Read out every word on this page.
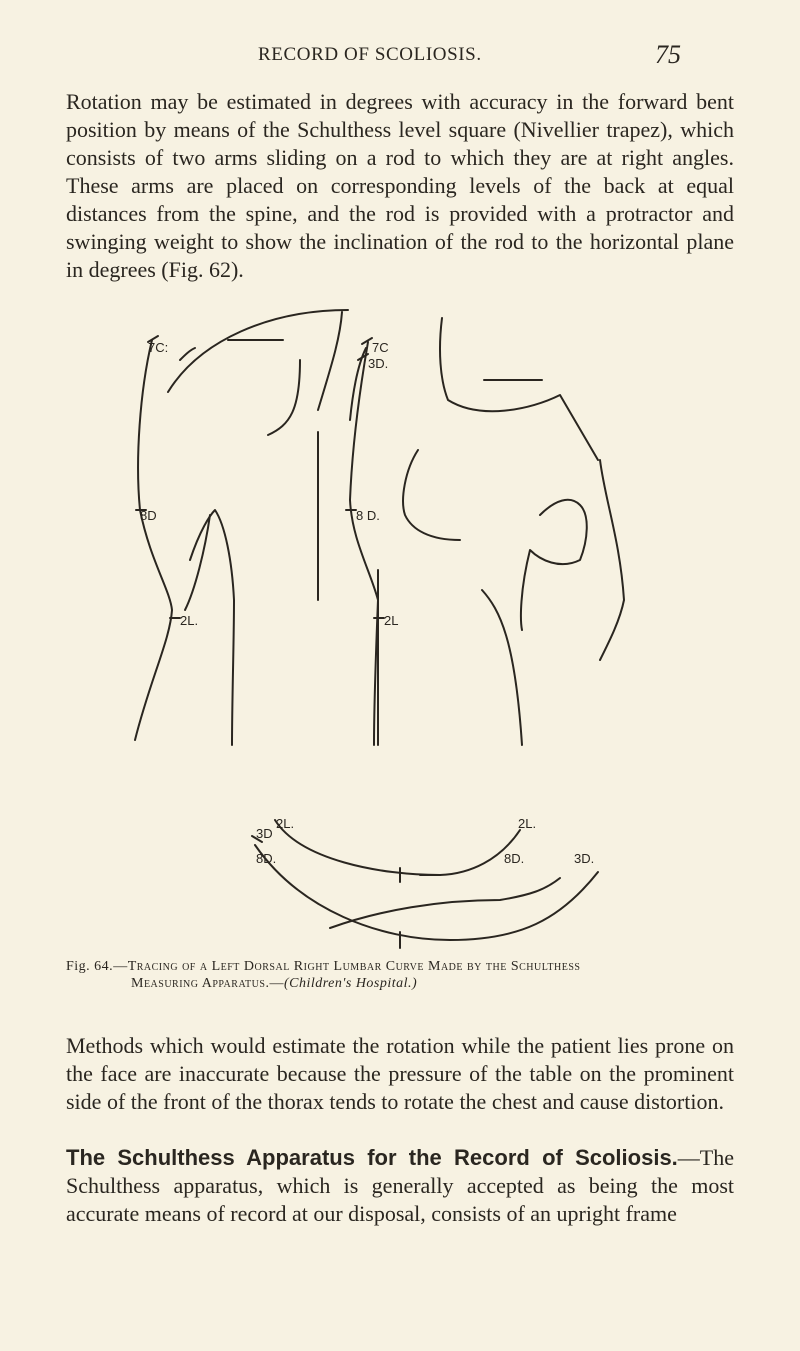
RECORD OF SCOLIOSIS.	75

Rotation may be estimated in degrees with accuracy in the forward bent position by means of the Schulthess level square (Nivellier trapez), which consists of two arms sliding on a rod to which they are at right angles. These arms are placed on corresponding levels of the back at equal distances from the spine, and the rod is provided with a protractor and swinging weight to show the inclination of the rod to the horizontal plane in degrees (Fig. 62).

7C:
8D
2L.
7C
3D.
8 D.
2L
3D
2L.	2L.
8D.	8D.	3D.
Fig. 64.—Tracing of a Left Dorsal Right Lumbar Curve Made by the Schulthess
Measuring Apparatus.—(Children's Hospital.)

Methods which would estimate the rotation while the patient lies prone on the face are inaccurate because the pressure of the table on the prominent side of the front of the thorax tends to rotate the chest and cause distortion.

The Schulthess Apparatus for the Record of Scoliosis.—The Schulthess apparatus, which is generally accepted as being the most accurate means of record at our disposal, consists of an upright frame
